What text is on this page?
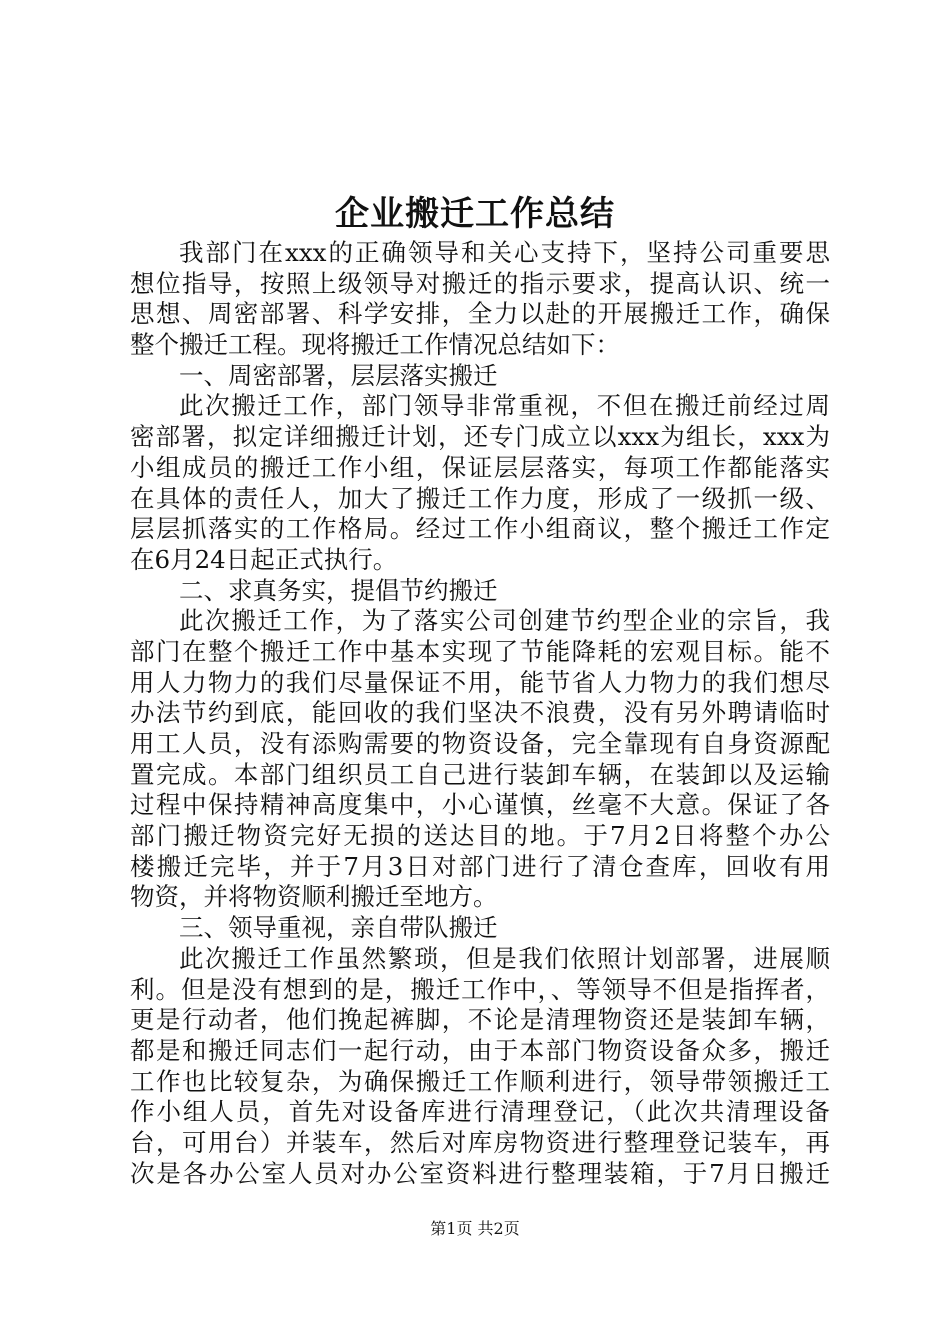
企业搬迁工作总结
我部门在xxx的正确领导和关心支持下，坚持公司重要思
想位指导，按照上级领导对搬迁的指示要求，提高认识、统一
思想、周密部署、科学安排，全力以赴的开展搬迁工作，确保
整个搬迁工程。现将搬迁工作情况总结如下：
一、周密部署，层层落实搬迁
此次搬迁工作，部门领导非常重视，不但在搬迁前经过周
密部署，拟定详细搬迁计划，还专门成立以xxx为组长，xxx为
小组成员的搬迁工作小组，保证层层落实，每项工作都能落实
在具体的责任人，加大了搬迁工作力度，形成了一级抓一级、
层层抓落实的工作格局。经过工作小组商议，整个搬迁工作定
在6月24日起正式执行。
二、求真务实，提倡节约搬迁
此次搬迁工作，为了落实公司创建节约型企业的宗旨，我
部门在整个搬迁工作中基本实现了节能降耗的宏观目标。能不
用人力物力的我们尽量保证不用，能节省人力物力的我们想尽
办法节约到底，能回收的我们坚决不浪费，没有另外聘请临时
用工人员，没有添购需要的物资设备，完全靠现有自身资源配
置完成。本部门组织员工自己进行装卸车辆，在装卸以及运输
过程中保持精神高度集中，小心谨慎，丝毫不大意。保证了各
部门搬迁物资完好无损的送达目的地。于7月2日将整个办公
楼搬迁完毕，并于7月3日对部门进行了清仓查库，回收有用
物资，并将物资顺利搬迁至地方。
三、领导重视，亲自带队搬迁
此次搬迁工作虽然繁琐，但是我们依照计划部署，进展顺
利。但是没有想到的是，搬迁工作中，、等领导不但是指挥者，
更是行动者，他们挽起裤脚，不论是清理物资还是装卸车辆，
都是和搬迁同志们一起行动，由于本部门物资设备众多，搬迁
工作也比较复杂，为确保搬迁工作顺利进行，领导带领搬迁工
作小组人员，首先对设备库进行清理登记，（此次共清理设备
台，可用台）并装车，然后对库房物资进行整理登记装车，再
次是各办公室人员对办公室资料进行整理装箱，于7月日搬迁
第1页 共2页
